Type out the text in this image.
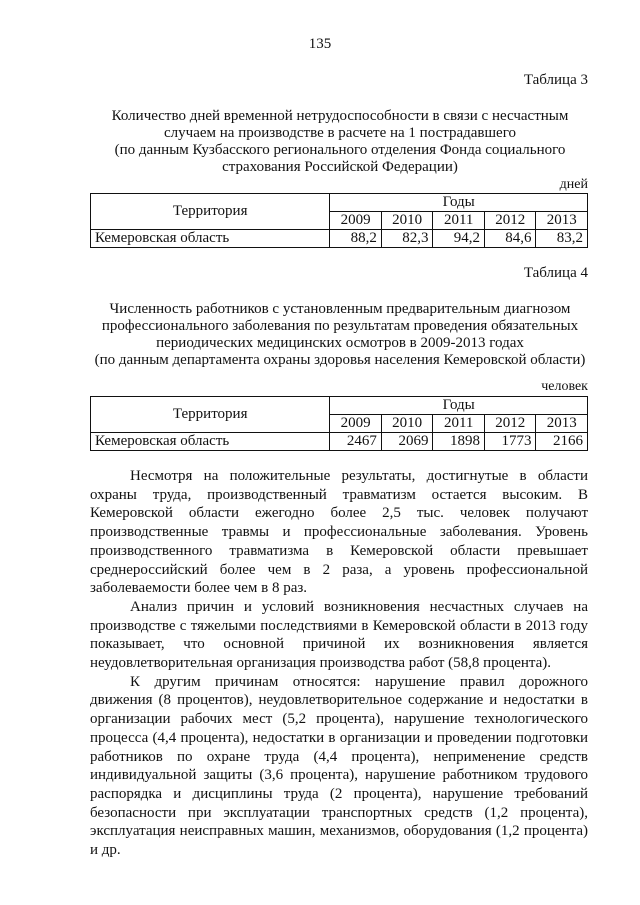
135
Таблица 3
Количество дней временной нетрудоспособности в связи с несчастным
случаем на производстве в расчете на 1 пострадавшего
(по данным Кузбасского регионального отделения Фонда социального
страхования Российской Федерации)
дней
Территория	Годы				
	2009	2010	2011	2012	2013
Кемеровская область	88,2	82,3	94,2	84,6	83,2
Таблица 4
Численность работников с установленным предварительным диагнозом
профессионального заболевания по результатам проведения обязательных
периодических медицинских осмотров в 2009-2013 годах
(по данным департамента охраны здоровья населения Кемеровской области)
человек
Территория	Годы				
	2009	2010	2011	2012	2013
Кемеровская область	2467	2069	1898	1773	2166

Несмотря на положительные результаты, достигнутые в области охраны труда, производственный травматизм остается высоким. В Кемеровской области ежегодно более 2,5 тыс. человек получают производственные травмы и профессиональные заболевания. Уровень производственного травматизма в Кемеровской области превышает среднероссийский более чем в 2 раза, а уровень профессиональной заболеваемости более чем в 8 раз.

Анализ причин и условий возникновения несчастных случаев на производстве с тяжелыми последствиями в Кемеровской области в 2013 году показывает, что основной причиной их возникновения является неудовлетворительная организация производства работ (58,8 процента).

К другим причинам относятся: нарушение правил дорожного движения (8 процентов), неудовлетворительное содержание и недостатки в организации рабочих мест (5,2 процента), нарушение технологического процесса (4,4 процента), недостатки в организации и проведении подготовки работников по охране труда (4,4 процента), неприменение средств индивидуальной защиты (3,6 процента), нарушение работником трудового распорядка и дисциплины труда (2 процента), нарушение требований безопасности при эксплуатации транспортных средств (1,2 процента), эксплуатация неисправных машин, механизмов, оборудования (1,2 процента) и др.
